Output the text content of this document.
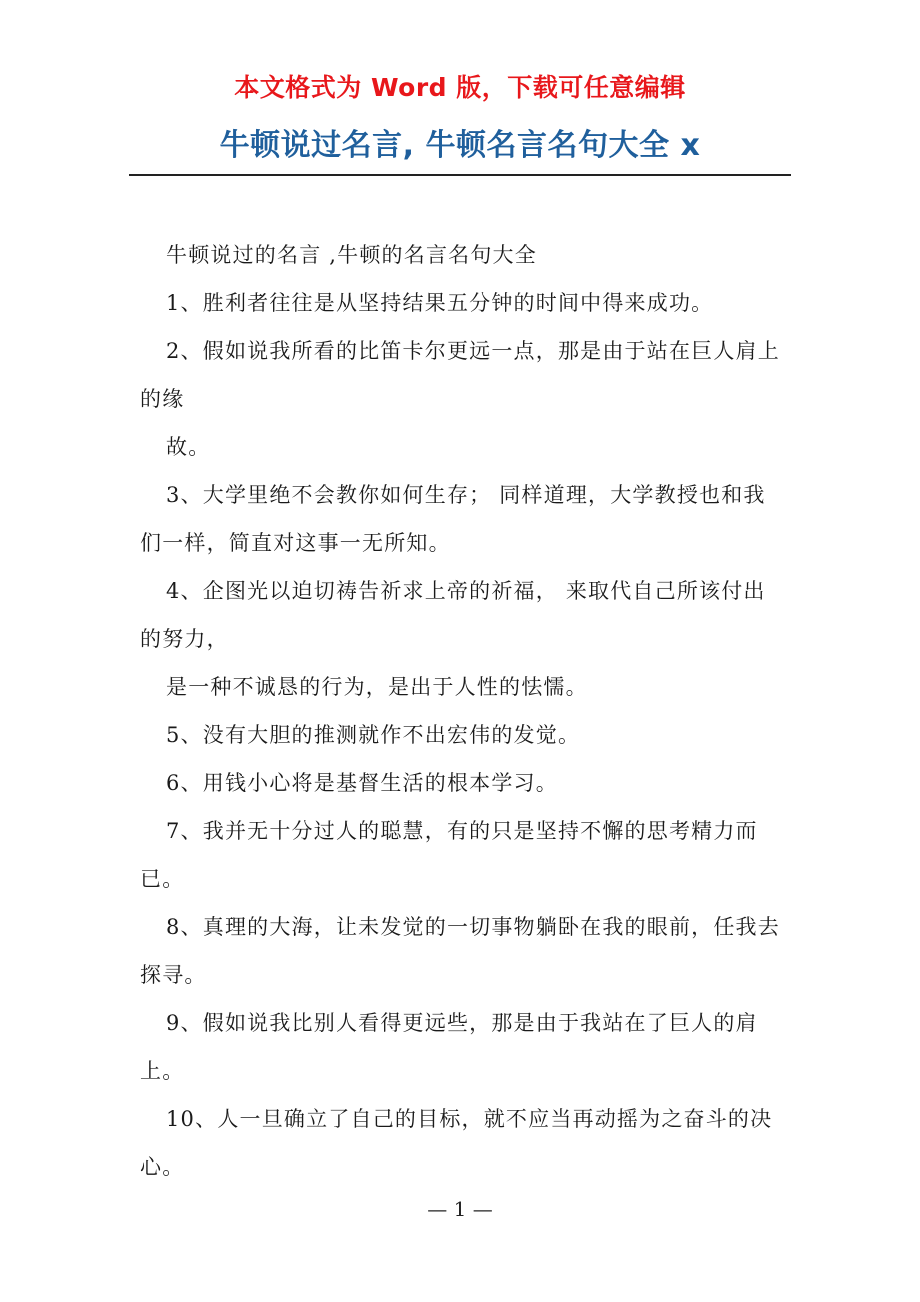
本文格式为 Word 版，下载可任意编辑
牛顿说过名言, 牛顿名言名句大全 x

牛顿说过的名言 ,牛顿的名言名句大全

1、胜利者往往是从坚持结果五分钟的时间中得来成功。

2、假如说我所看的比笛卡尔更远一点，那是由于站在巨人肩上的缘

故。

3、大学里绝不会教你如何生存； 同样道理，大学教授也和我们一样，简直对这事一无所知。

4、企图光以迫切祷告祈求上帝的祈福， 来取代自己所该付出的努力，

是一种不诚恳的行为，是出于人性的怯懦。

5、没有大胆的推测就作不出宏伟的发觉。

6、用钱小心将是基督生活的根本学习。

7、我并无十分过人的聪慧，有的只是坚持不懈的思考精力而已。

8、真理的大海，让未发觉的一切事物躺卧在我的眼前，任我去探寻。

9、假如说我比别人看得更远些，那是由于我站在了巨人的肩上。

10、人一旦确立了自己的目标，就不应当再动摇为之奋斗的决心。

— 1 —
